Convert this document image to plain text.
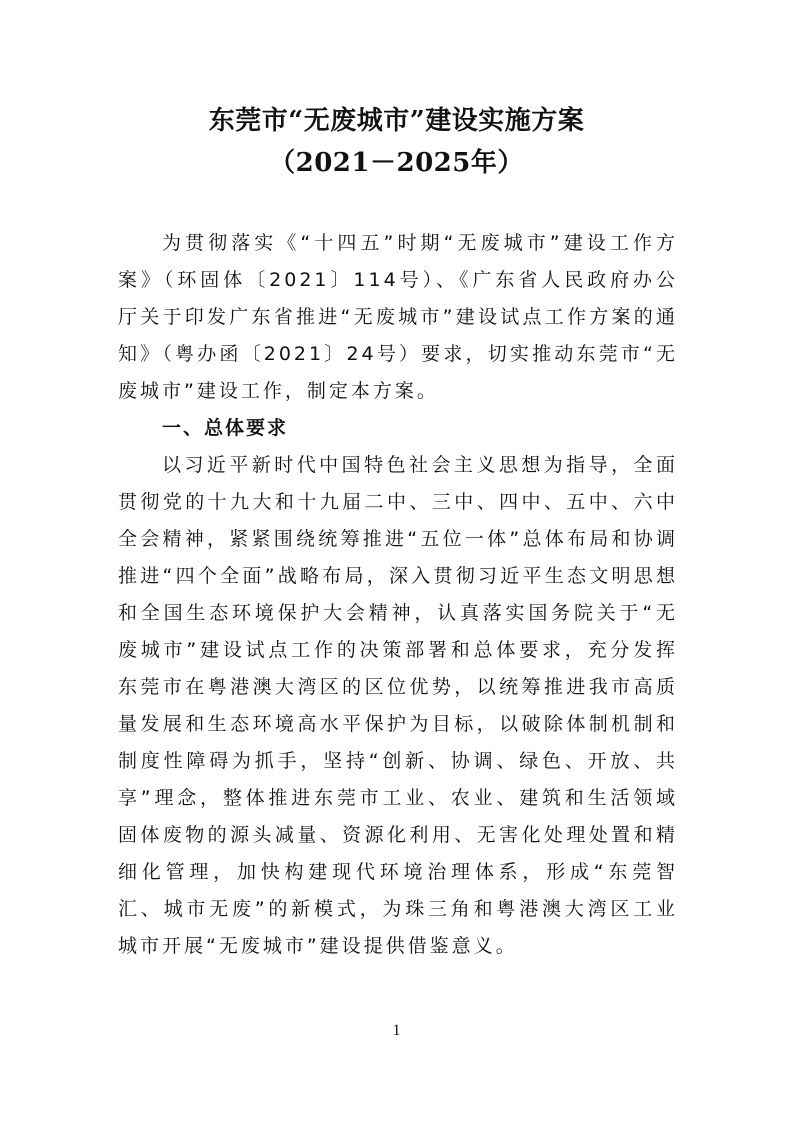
东莞市“无废城市”建设实施方案
（2021－2025年）

为贯彻落实《“十四五”时期“无废城市”建设工作方案》（环固体〔2021〕114号）、《广东省人民政府办公厅关于印发广东省推进“无废城市”建设试点工作方案的通知》（粤办函〔2021〕24号）要求，切实推动东莞市“无废城市”建设工作，制定本方案。

一、总体要求

以习近平新时代中国特色社会主义思想为指导，全面贯彻党的十九大和十九届二中、三中、四中、五中、六中全会精神，紧紧围绕统筹推进“五位一体”总体布局和协调推进“四个全面”战略布局，深入贯彻习近平生态文明思想和全国生态环境保护大会精神，认真落实国务院关于“无废城市”建设试点工作的决策部署和总体要求，充分发挥东莞市在粤港澳大湾区的区位优势，以统筹推进我市高质量发展和生态环境高水平保护为目标，以破除体制机制和制度性障碍为抓手，坚持“创新、协调、绿色、开放、共享”理念，整体推进东莞市工业、农业、建筑和生活领域固体废物的源头减量、资源化利用、无害化处理处置和精细化管理，加快构建现代环境治理体系，形成“东莞智汇、城市无废”的新模式，为珠三角和粤港澳大湾区工业城市开展“无废城市”建设提供借鉴意义。

1
